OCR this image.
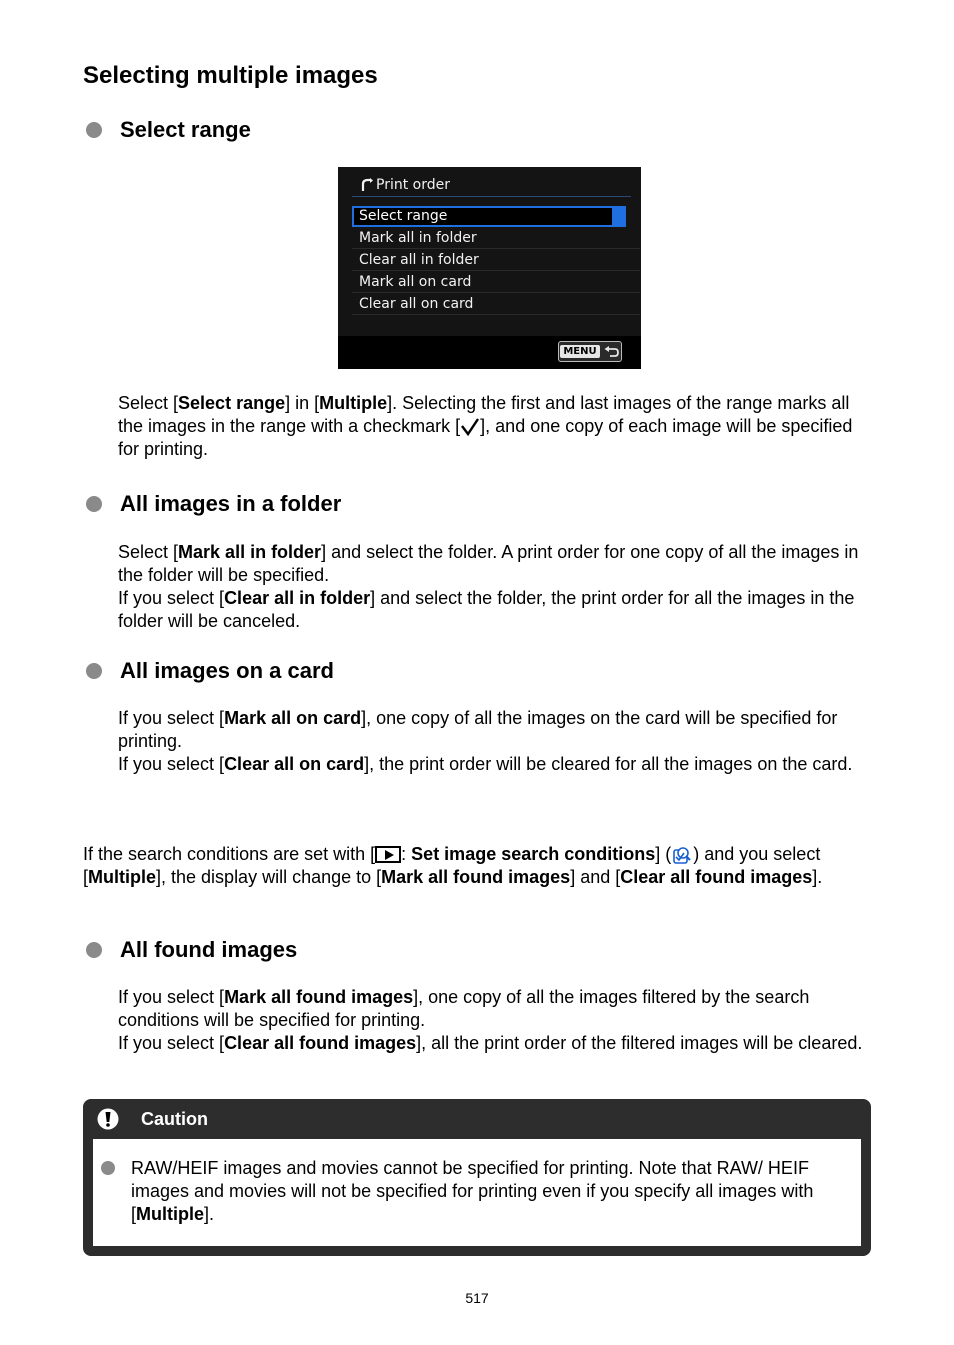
Selecting multiple images
Select range
Print order
Select range
Mark all in folder
Clear all in folder
Mark all on card
Clear all on card
MENU
Select [Select range] in [Multiple]. Selecting the first and last images of the range marks all the images in the range with a checkmark [ ], and one copy of each image will be specified for printing.
All images in a folder
Select [Mark all in folder] and select the folder. A print order for one copy of all the images in the folder will be specified.
If you select [Clear all in folder] and select the folder, the print order for all the images in the folder will be canceled.
All images on a card
If you select [Mark all on card], one copy of all the images on the card will be specified for printing.
If you select [Clear all on card], the print order will be cleared for all the images on the card.
If the search conditions are set with [ : Set image search conditions] ( ) and you select [Multiple], the display will change to [Mark all found images] and [Clear all found images].
All found images
If you select [Mark all found images], one copy of all the images filtered by the search conditions will be specified for printing.
If you select [Clear all found images], all the print order of the filtered images will be cleared.
Caution
RAW/HEIF images and movies cannot be specified for printing. Note that RAW/ HEIF images and movies will not be specified for printing even if you specify all images with [Multiple].
517
